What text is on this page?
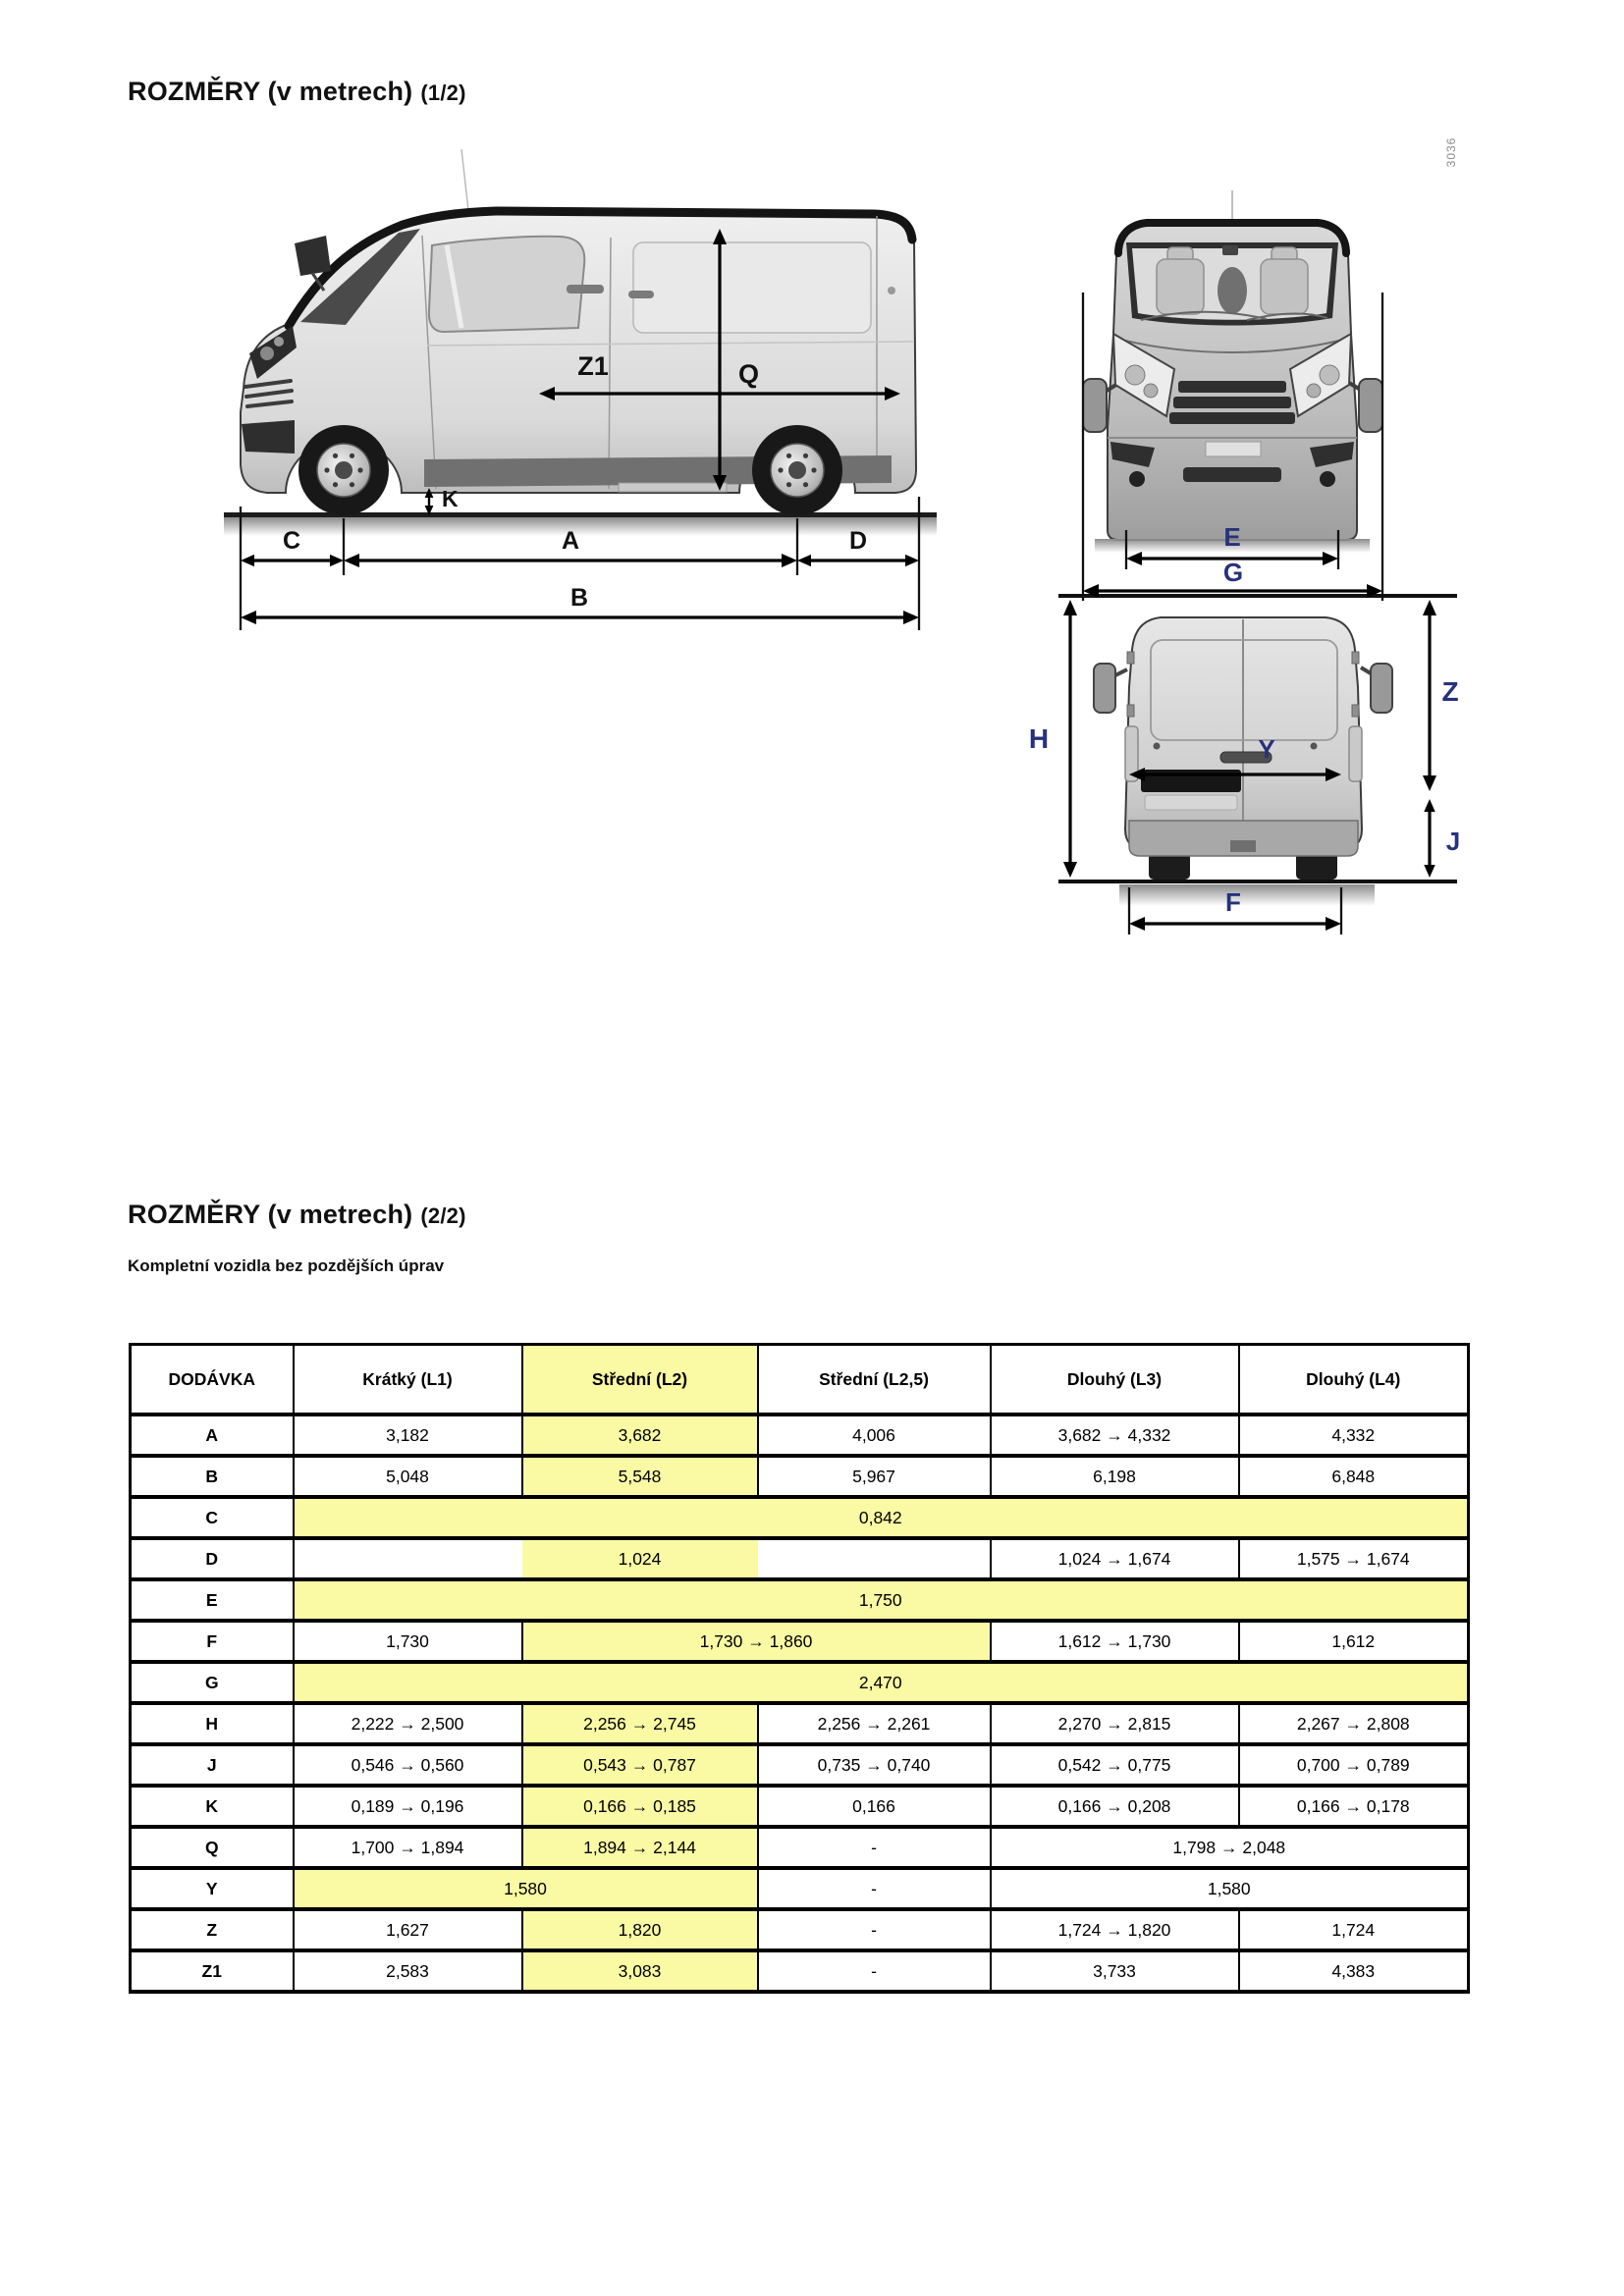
ROZMĚRY (v metrech) (1/2)
3036
Q
Z1
K
C	A	D
B
E
G
H
Z
J
Y
F
ROZMĚRY (v metrech) (2/2)
Kompletní vozidla bez pozdějších úprav
DODÁVKA	Krátký (L1)	Střední (L2)	Střední (L2,5)	Dlouhý (L3)	Dlouhý (L4)
A	3,182	3,682	4,006	3,682 → 4,332	4,332
B	5,048	5,548	5,967	6,198	6,848
C	0,842				
D		1,024		1,024 → 1,674	1,575 → 1,674
E	1,750				
F	1,730	1,730 → 1,860		1,612 → 1,730	1,612
G	2,470				
H	2,222 → 2,500	2,256 → 2,745	2,256 → 2,261	2,270 → 2,815	2,267 → 2,808
J	0,546 → 0,560	0,543 → 0,787	0,735 → 0,740	0,542 → 0,775	0,700 → 0,789
K	0,189 → 0,196	0,166 → 0,185	0,166	0,166 → 0,208	0,166 → 0,178
Q	1,700 → 1,894	1,894 → 2,144	-	1,798 → 2,048	
Y	1,580		-	1,580	
Z	1,627	1,820	-	1,724 → 1,820	1,724
Z1	2,583	3,083	-	3,733	4,383
